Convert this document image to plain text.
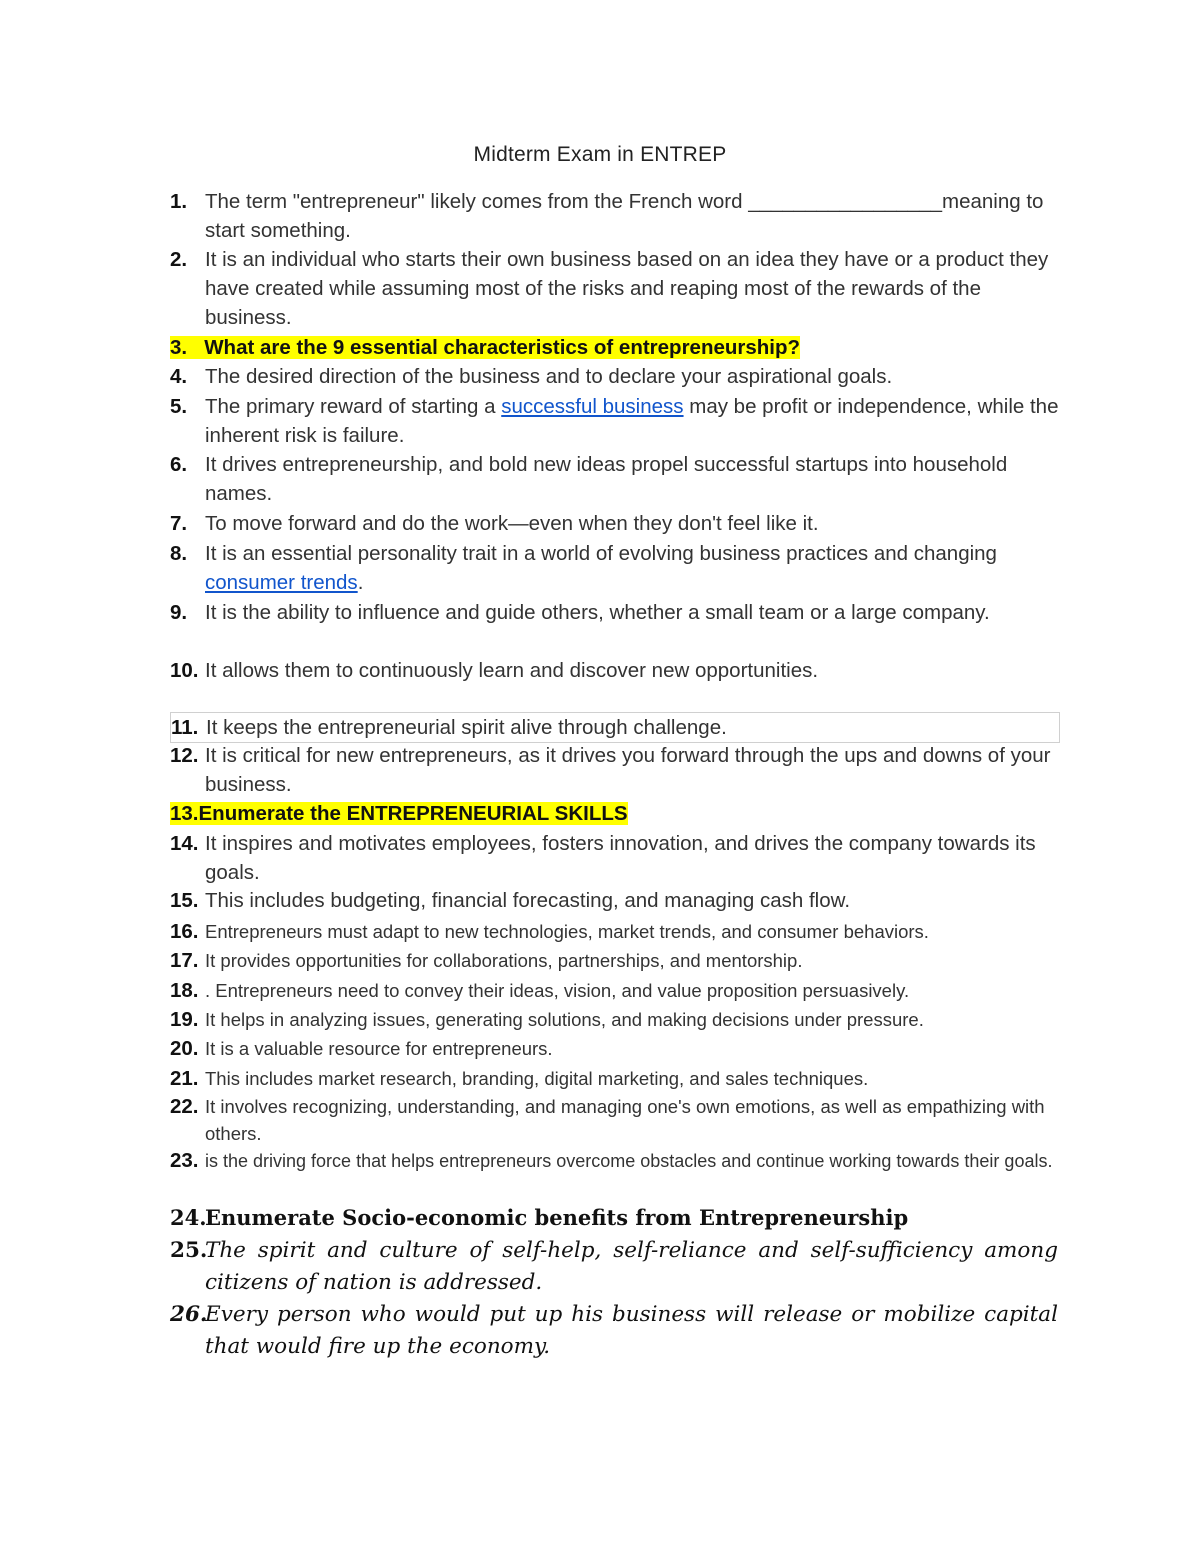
Midterm Exam in ENTREP
1. The term "entrepreneur" likely comes from the French word _________________meaning to start something.
2. It is an individual who starts their own business based on an idea they have or a product they have created while assuming most of the risks and reaping most of the rewards of the business.
3. What are the 9 essential characteristics of entrepreneurship?
4. The desired direction of the business and to declare your aspirational goals.
5. The primary reward of starting a successful business may be profit or independence, while the inherent risk is failure.
6. It drives entrepreneurship, and bold new ideas propel successful startups into household names.
7. To move forward and do the work—even when they don't feel like it.
8. It is an essential personality trait in a world of evolving business practices and changing consumer trends.
9. It is the ability to influence and guide others, whether a small team or a large company.
10. It allows them to continuously learn and discover new opportunities.
11. It keeps the entrepreneurial spirit alive through challenge.
12. It is critical for new entrepreneurs, as it drives you forward through the ups and downs of your business.
13.Enumerate the ENTREPRENEURIAL SKILLS
14. It inspires and motivates employees, fosters innovation, and drives the company towards its goals.
15. This includes budgeting, financial forecasting, and managing cash flow.
16. Entrepreneurs must adapt to new technologies, market trends, and consumer behaviors.
17. It provides opportunities for collaborations, partnerships, and mentorship.
18. . Entrepreneurs need to convey their ideas, vision, and value proposition persuasively.
19. It helps in analyzing issues, generating solutions, and making decisions under pressure.
20. It is a valuable resource for entrepreneurs.
21. This includes market research, branding, digital marketing, and sales techniques.
22. It involves recognizing, understanding, and managing one's own emotions, as well as empathizing with others.
23. is the driving force that helps entrepreneurs overcome obstacles and continue working towards their goals.
24.
Enumerate Socio-economic benefits from Entrepreneurship
25.
The spirit and culture of self-help, self-reliance and self-sufficiency among citizens of nation is addressed.
26.
Every person who would put up his business will release or mobilize capital that would fire up the economy.
